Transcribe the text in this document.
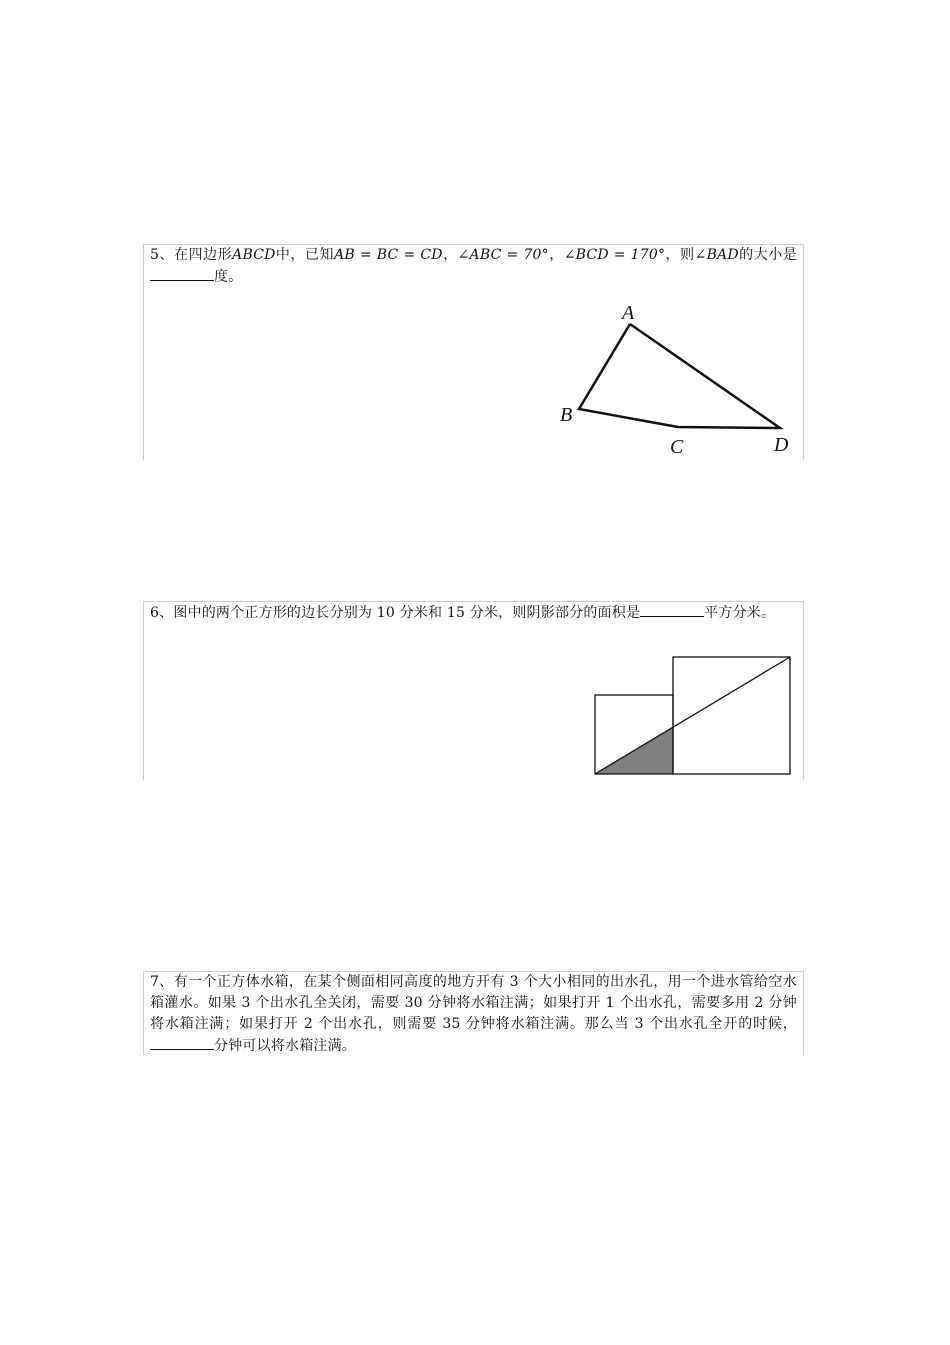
5、在四边形ABCD中，已知AB = BC = CD，∠ABC = 70°，∠BCD = 170°，则∠BAD的大小是度。

A
B
C	D

6、图中的两个正方形的边长分别为 10 分米和 15 分米，则阴影部分的面积是	平方分米。

7、有一个正方体水箱，在某个侧面相同高度的地方开有 3 个大小相同的出水孔，用一个进水管给空水箱灌水。如果 3 个出水孔全关闭，需要 30 分钟将水箱注满；如果打开 1 个出水孔，需要多用 2 分钟将水箱注满；如果打开 2 个出水孔，则需要 35 分钟将水箱注满。那么当 3 个出水孔全开的时候，分钟可以将水箱注满。
